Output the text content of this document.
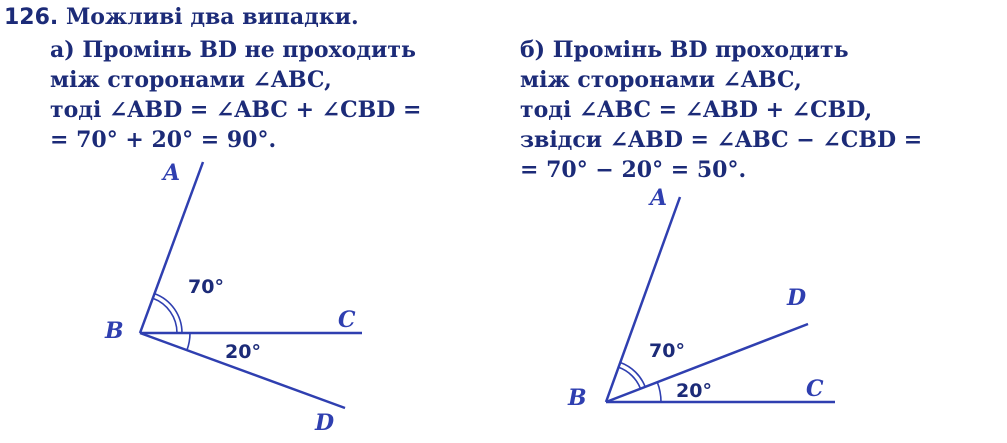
126. Можливі два випадки.
а) Промінь BD не проходить
між сторонами ∠ABC,
тоді ∠ABD = ∠ABC + ∠CBD =
= 70° + 20° = 90°.
б) Промінь BD проходить
між сторонами ∠ABC,
тоді ∠ABC = ∠ABD + ∠CBD,
звідси ∠ABD = ∠ABC − ∠CBD =
= 70° − 20° = 50°.
A
B	C
D
70°
20°
A
B	C
D
70°
20°
